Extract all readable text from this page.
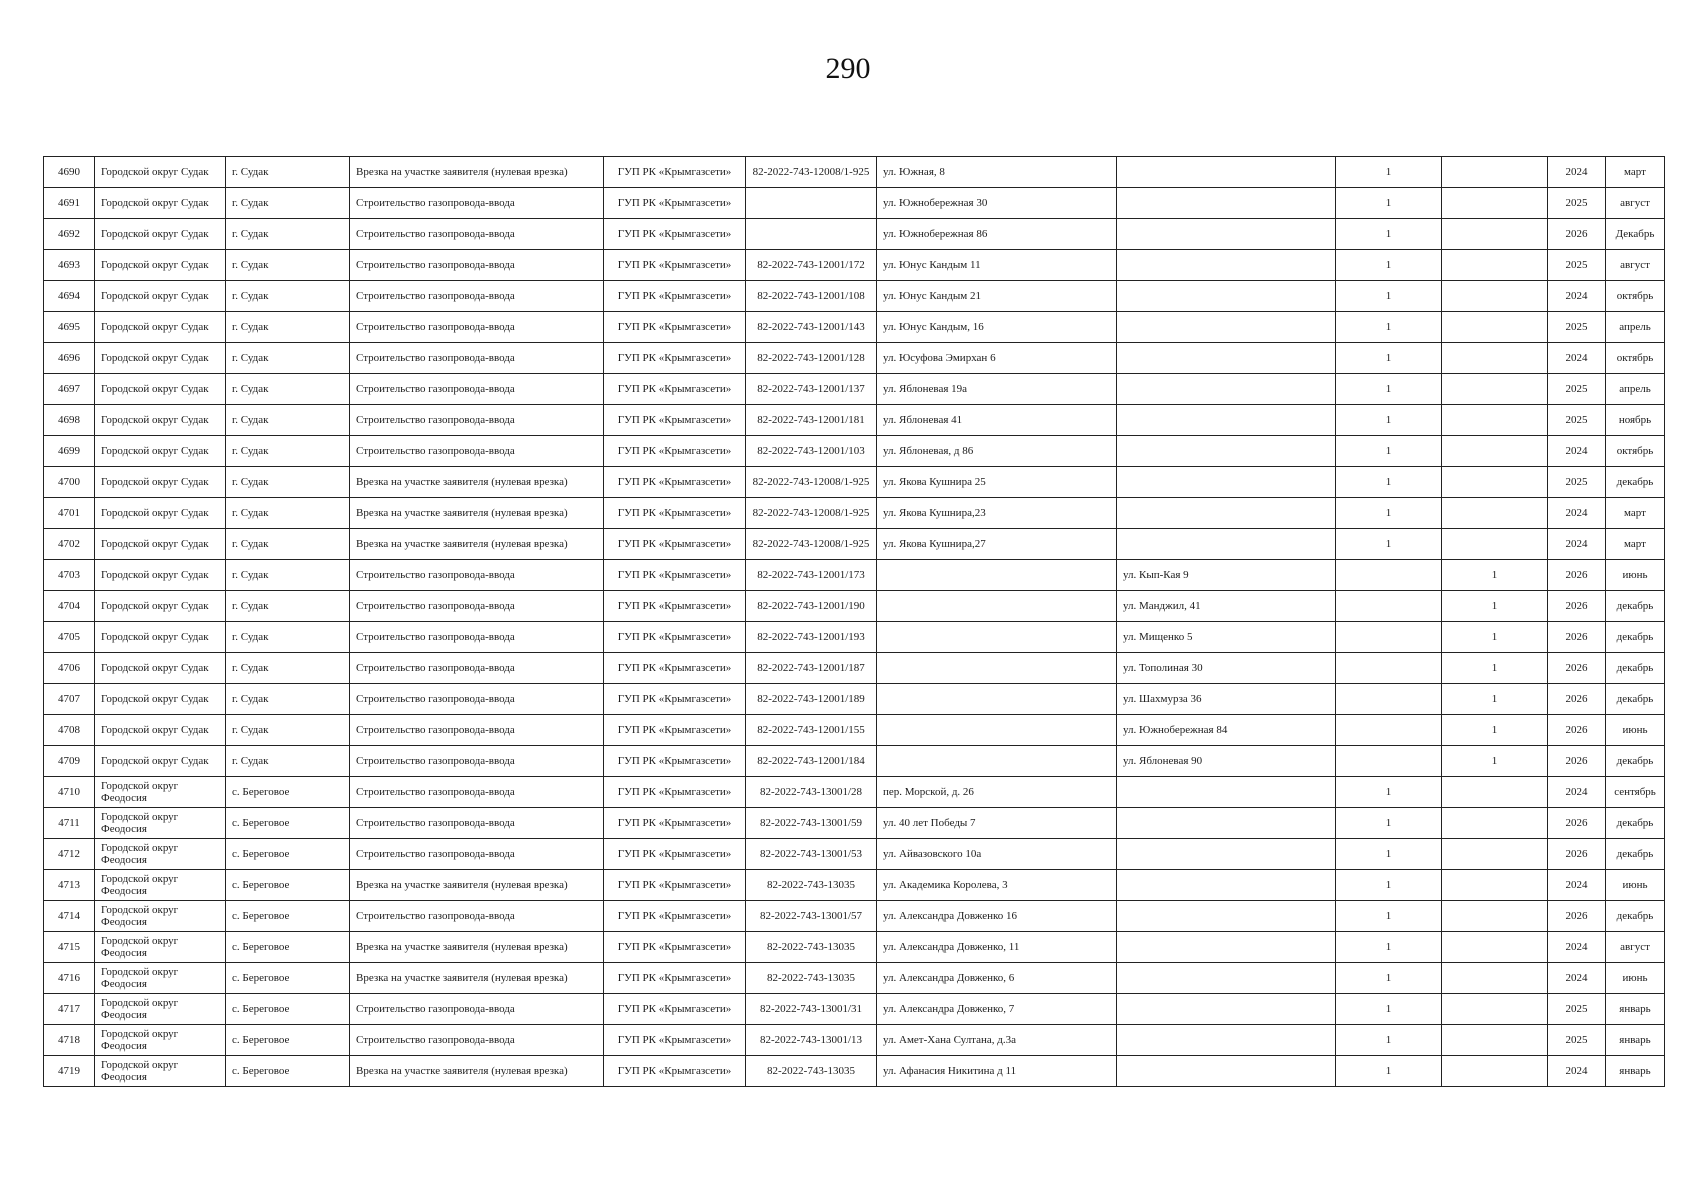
290
4690	Городской округ Судак	г. Судак	Врезка на участке заявителя (нулевая врезка)	ГУП РК «Крымгазсети»	82-2022-743-12008/1-925	ул. Южная, 8		1		2024	март
4691	Городской округ Судак	г. Судак	Строительство газопровода-ввода	ГУП РК «Крымгазсети»		ул. Южнобережная 30		1		2025	август
4692	Городской округ Судак	г. Судак	Строительство газопровода-ввода	ГУП РК «Крымгазсети»		ул. Южнобережная 86		1		2026	Декабрь
4693	Городской округ Судак	г. Судак	Строительство газопровода-ввода	ГУП РК «Крымгазсети»	82-2022-743-12001/172	ул. Юнус Кандым 11		1		2025	август
4694	Городской округ Судак	г. Судак	Строительство газопровода-ввода	ГУП РК «Крымгазсети»	82-2022-743-12001/108	ул. Юнус Кандым 21		1		2024	октябрь
4695	Городской округ Судак	г. Судак	Строительство газопровода-ввода	ГУП РК «Крымгазсети»	82-2022-743-12001/143	ул. Юнус Кандым, 16		1		2025	апрель
4696	Городской округ Судак	г. Судак	Строительство газопровода-ввода	ГУП РК «Крымгазсети»	82-2022-743-12001/128	ул. Юсуфова Эмирхан 6		1		2024	октябрь
4697	Городской округ Судак	г. Судак	Строительство газопровода-ввода	ГУП РК «Крымгазсети»	82-2022-743-12001/137	ул. Яблоневая 19а		1		2025	апрель
4698	Городской округ Судак	г. Судак	Строительство газопровода-ввода	ГУП РК «Крымгазсети»	82-2022-743-12001/181	ул. Яблоневая 41		1		2025	ноябрь
4699	Городской округ Судак	г. Судак	Строительство газопровода-ввода	ГУП РК «Крымгазсети»	82-2022-743-12001/103	ул. Яблоневая, д 86		1		2024	октябрь
4700	Городской округ Судак	г. Судак	Врезка на участке заявителя (нулевая врезка)	ГУП РК «Крымгазсети»	82-2022-743-12008/1-925	ул. Якова Кушнира 25		1		2025	декабрь
4701	Городской округ Судак	г. Судак	Врезка на участке заявителя (нулевая врезка)	ГУП РК «Крымгазсети»	82-2022-743-12008/1-925	ул. Якова Кушнира,23		1		2024	март
4702	Городской округ Судак	г. Судак	Врезка на участке заявителя (нулевая врезка)	ГУП РК «Крымгазсети»	82-2022-743-12008/1-925	ул. Якова Кушнира,27		1		2024	март
4703	Городской округ Судак	г. Судак	Строительство газопровода-ввода	ГУП РК «Крымгазсети»	82-2022-743-12001/173		ул. Кып-Кая 9		1	2026	июнь
4704	Городской округ Судак	г. Судак	Строительство газопровода-ввода	ГУП РК «Крымгазсети»	82-2022-743-12001/190		ул. Манджил, 41		1	2026	декабрь
4705	Городской округ Судак	г. Судак	Строительство газопровода-ввода	ГУП РК «Крымгазсети»	82-2022-743-12001/193		ул. Мищенко 5		1	2026	декабрь
4706	Городской округ Судак	г. Судак	Строительство газопровода-ввода	ГУП РК «Крымгазсети»	82-2022-743-12001/187		ул. Тополиная 30		1	2026	декабрь
4707	Городской округ Судак	г. Судак	Строительство газопровода-ввода	ГУП РК «Крымгазсети»	82-2022-743-12001/189		ул. Шахмурза 36		1	2026	декабрь
4708	Городской округ Судак	г. Судак	Строительство газопровода-ввода	ГУП РК «Крымгазсети»	82-2022-743-12001/155		ул. Южнобережная 84		1	2026	июнь
4709	Городской округ Судак	г. Судак	Строительство газопровода-ввода	ГУП РК «Крымгазсети»	82-2022-743-12001/184		ул. Яблоневая 90		1	2026	декабрь
4710	Городской округ Феодосия	с. Береговое	Строительство газопровода-ввода	ГУП РК «Крымгазсети»	82-2022-743-13001/28	пер. Морской, д. 26		1		2024	сентябрь
4711	Городской округ Феодосия	с. Береговое	Строительство газопровода-ввода	ГУП РК «Крымгазсети»	82-2022-743-13001/59	ул. 40 лет Победы 7		1		2026	декабрь
4712	Городской округ Феодосия	с. Береговое	Строительство газопровода-ввода	ГУП РК «Крымгазсети»	82-2022-743-13001/53	ул. Айвазовского 10а		1		2026	декабрь
4713	Городской округ Феодосия	с. Береговое	Врезка на участке заявителя (нулевая врезка)	ГУП РК «Крымгазсети»	82-2022-743-13035	ул. Академика Королева, 3		1		2024	июнь
4714	Городской округ Феодосия	с. Береговое	Строительство газопровода-ввода	ГУП РК «Крымгазсети»	82-2022-743-13001/57	ул. Александра Довженко 16		1		2026	декабрь
4715	Городской округ Феодосия	с. Береговое	Врезка на участке заявителя (нулевая врезка)	ГУП РК «Крымгазсети»	82-2022-743-13035	ул. Александра Довженко, 11		1		2024	август
4716	Городской округ Феодосия	с. Береговое	Врезка на участке заявителя (нулевая врезка)	ГУП РК «Крымгазсети»	82-2022-743-13035	ул. Александра Довженко, 6		1		2024	июнь
4717	Городской округ Феодосия	с. Береговое	Строительство газопровода-ввода	ГУП РК «Крымгазсети»	82-2022-743-13001/31	ул. Александра Довженко, 7		1		2025	январь
4718	Городской округ Феодосия	с. Береговое	Строительство газопровода-ввода	ГУП РК «Крымгазсети»	82-2022-743-13001/13	ул. Амет-Хана Султана, д.3а		1		2025	январь
4719	Городской округ Феодосия	с. Береговое	Врезка на участке заявителя (нулевая врезка)	ГУП РК «Крымгазсети»	82-2022-743-13035	ул. Афанасия Никитина д 11		1		2024	январь
